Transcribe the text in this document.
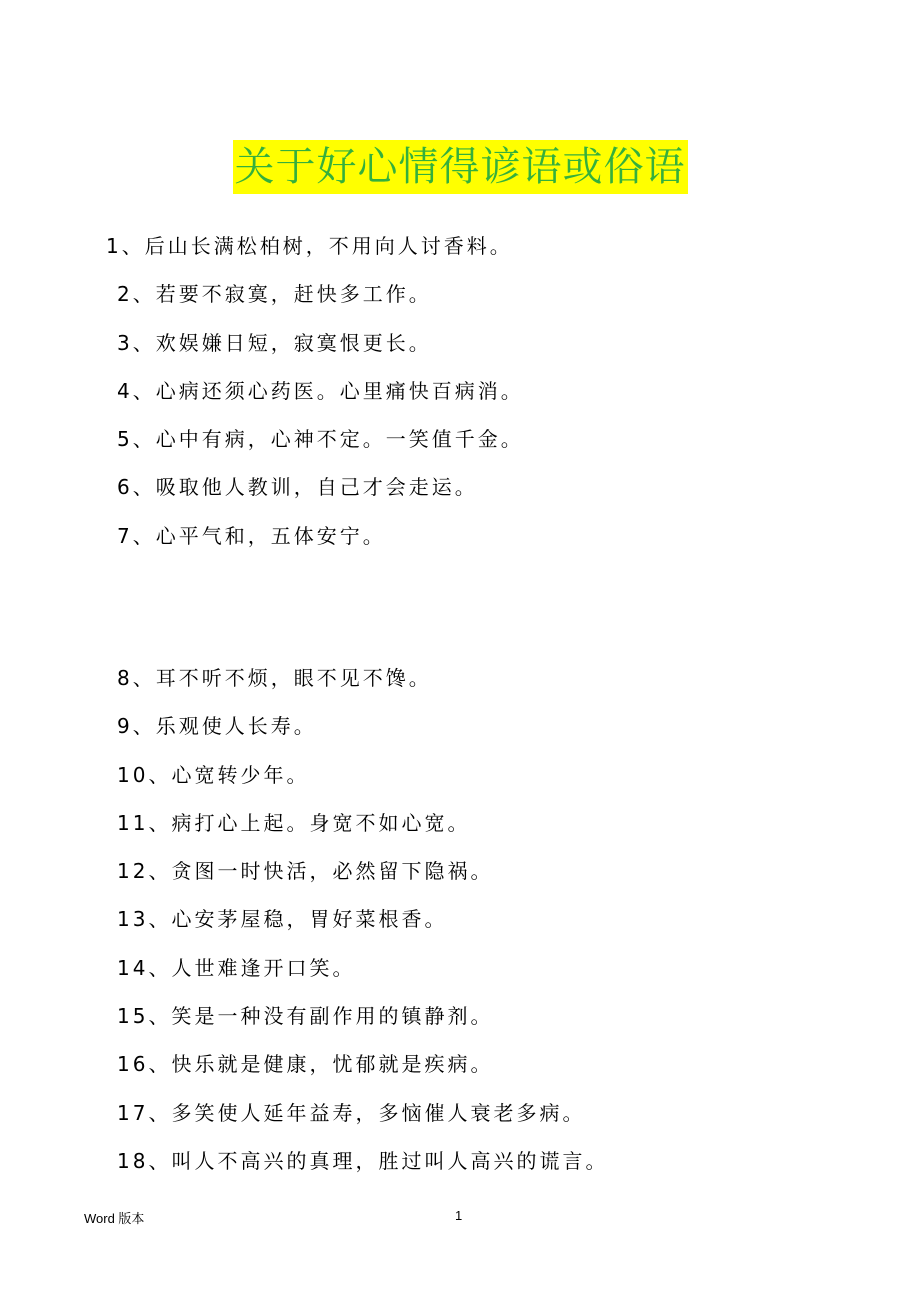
关于好心情得谚语或俗语
1、后山长满松柏树，不用向人讨香料。
2、若要不寂寞，赶快多工作。
3、欢娱嫌日短，寂寞恨更长。
4、心病还须心药医。心里痛快百病消。
5、心中有病，心神不定。一笑值千金。
6、吸取他人教训，自己才会走运。
7、心平气和，五体安宁。
8、耳不听不烦，眼不见不馋。
9、乐观使人长寿。
10、心宽转少年。
11、病打心上起。身宽不如心宽。
12、贪图一时快活，必然留下隐祸。
13、心安茅屋稳，胃好菜根香。
14、人世难逢开口笑。
15、笑是一种没有副作用的镇静剂。
16、快乐就是健康，忧郁就是疾病。
17、多笑使人延年益寿，多恼催人衰老多病。
18、叫人不高兴的真理，胜过叫人高兴的谎言。
Word 版本	1
